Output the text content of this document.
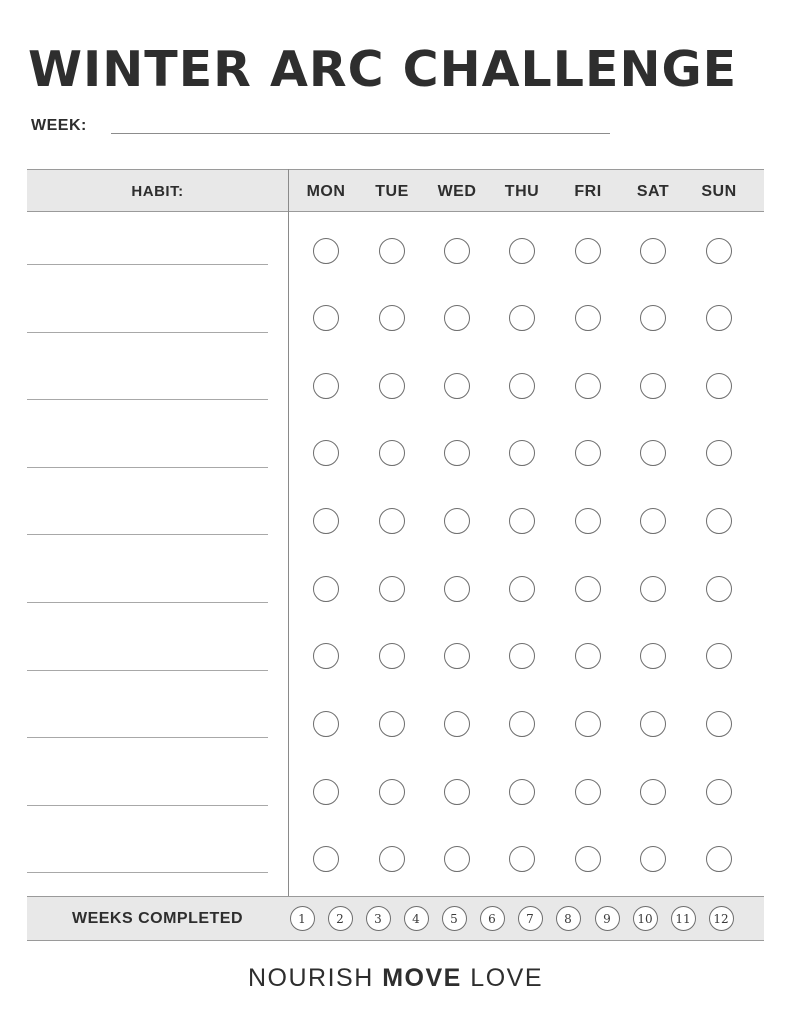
WINTER ARC CHALLENGE
WEEK:
HABIT:	MON	TUE	WED	THU	FRI	SAT	SUN
WEEKS COMPLETED	1	2	3	4	5	6	7	8	9	10	11	12
NOURISH MOVE LOVE
